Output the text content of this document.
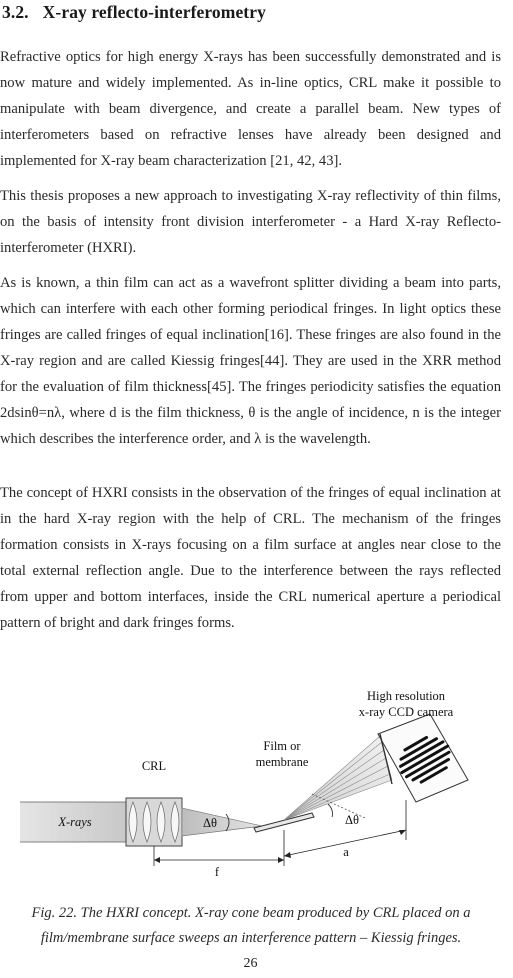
3.2. X-ray reflecto-interferometry

Refractive optics for high energy X-rays has been successfully demonstrated and is now mature and widely implemented. As in-line optics, CRL make it possible to manipulate with beam divergence, and create a parallel beam. New types of interferometers based on refractive lenses have already been designed and implemented for X-ray beam characterization [21, 42, 43].

This thesis proposes a new approach to investigating X-ray reflectivity of thin films, on the basis of intensity front division interferometer - a Hard X-ray Reflecto-interferometer (HXRI).

As is known, a thin film can act as a wavefront splitter dividing a beam into parts, which can interfere with each other forming periodical fringes. In light optics these fringes are called fringes of equal inclination[16]. These fringes are also found in the X-ray region and are called Kiessig fringes[44]. They are used in the XRR method for the evaluation of film thickness[45]. The fringes periodicity satisfies the equation 2dsinθ=nλ, where d is the film thickness, θ is the angle of incidence, n is the integer which describes the interference order, and λ is the wavelength.

The concept of HXRI consists in the observation of the fringes of equal inclination at in the hard X-ray region with the help of CRL. The mechanism of the fringes formation consists in X-rays focusing on a film surface at angles near close to the total external reflection angle. Due to the interference between the rays reflected from upper and bottom interfaces, inside the CRL numerical aperture a periodical pattern of bright and dark fringes forms.

High resolution
x-ray CCD camera
Film or
membrane
CRL
X-rays	Δθ	Δθ
f
a
Fig. 22. The HXRI concept. X-ray cone beam produced by CRL placed on a film/membrane surface sweeps an interference pattern – Kiessig fringes.
26
